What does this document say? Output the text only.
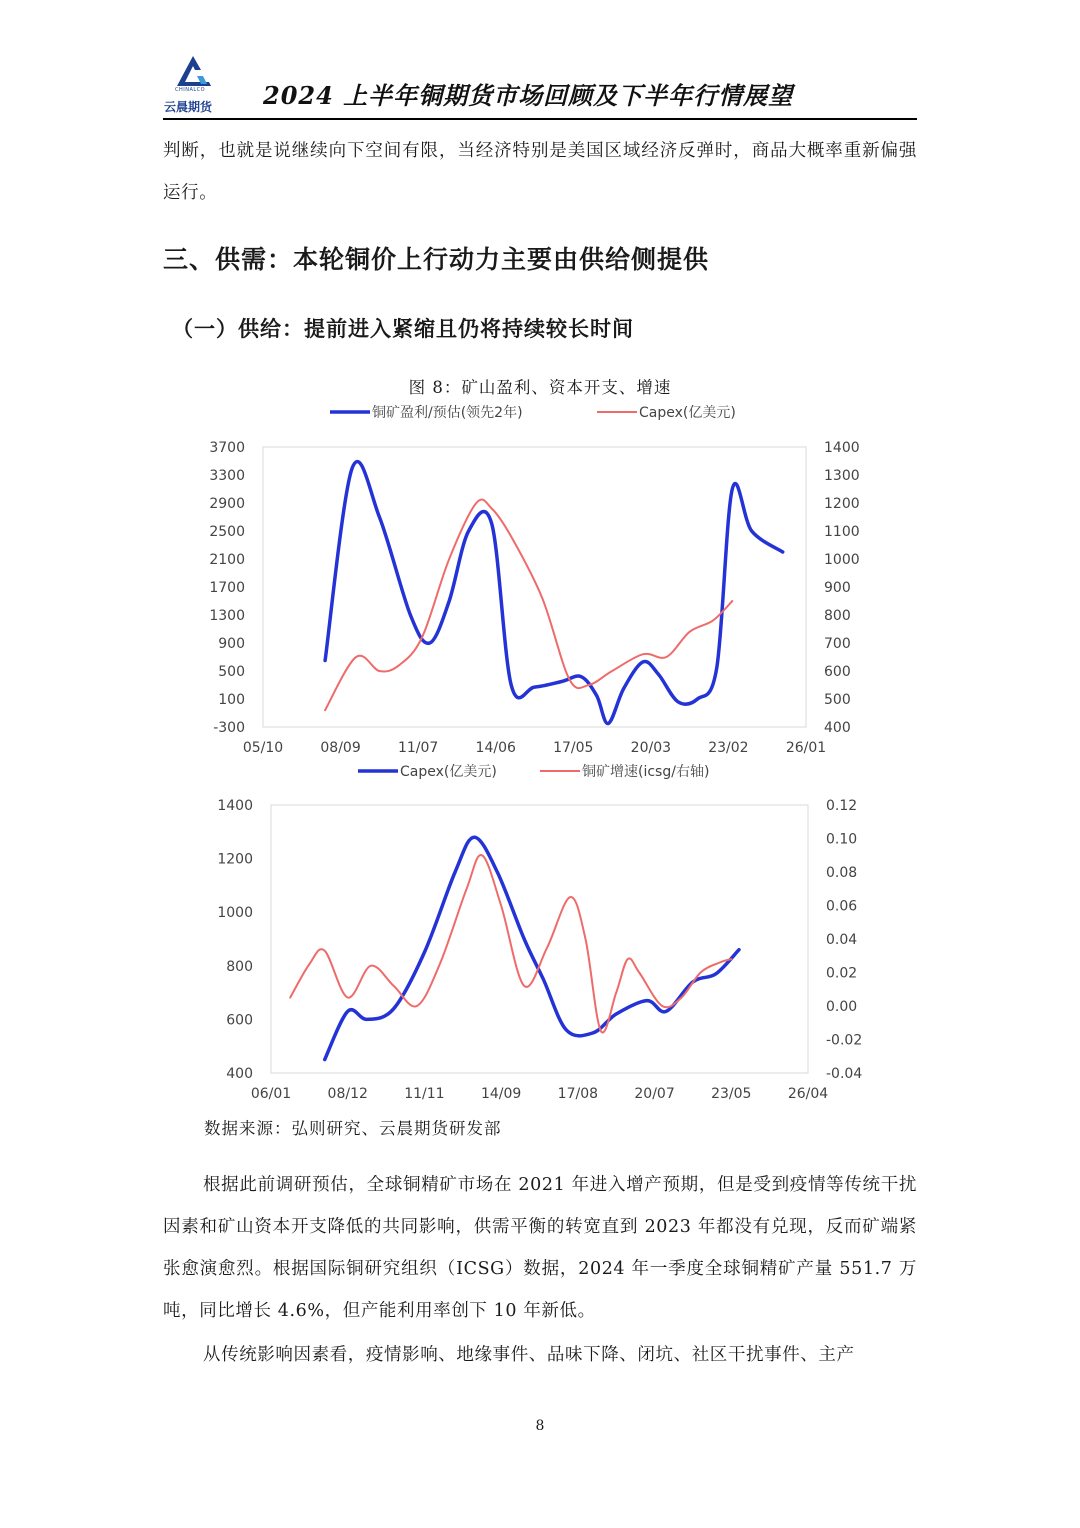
CHINALCO
云晨期货 2024 上半年铜期货市场回顾及下半年行情展望

判断，也就是说继续向下空间有限，当经济特别是美国区域经济反弹时，商品大概率重新偏强运行。

三、供需：本轮铜价上行动力主要由供给侧提供
（一）供给：提前进入紧缩且仍将持续较长时间
图 8：矿山盈利、资本开支、增速
3700
3300
2900
2500
2100
1700
1300
900
500
100
-300
1400
1300
1200
1100
1000
900
800
700
600
500
400
05/10	08/09	11/07	14/06	17/05	20/03	23/02	26/01
铜矿盈利/预估(领先2年)	Capex(亿美元)
1400
1200
1000
800
600
400
0.12
0.10
0.08
0.06
0.04
0.02
0.00
-0.02
-0.04
06/01	08/12	11/11	14/09	17/08	20/07	23/05	26/04
Capex(亿美元)	铜矿增速(icsg/右轴)
数据来源：弘则研究、云晨期货研发部

根据此前调研预估，全球铜精矿市场在 2021 年进入增产预期，但是受到疫情等传统干扰因素和矿山资本开支降低的共同影响，供需平衡的转宽直到 2023 年都没有兑现，反而矿端紧张愈演愈烈。根据国际铜研究组织（ICSG）数据，2024 年一季度全球铜精矿产量 551.7 万吨，同比增长 4.6%，但产能利用率创下 10 年新低。

从传统影响因素看，疫情影响、地缘事件、品味下降、闭坑、社区干扰事件、主产

8
